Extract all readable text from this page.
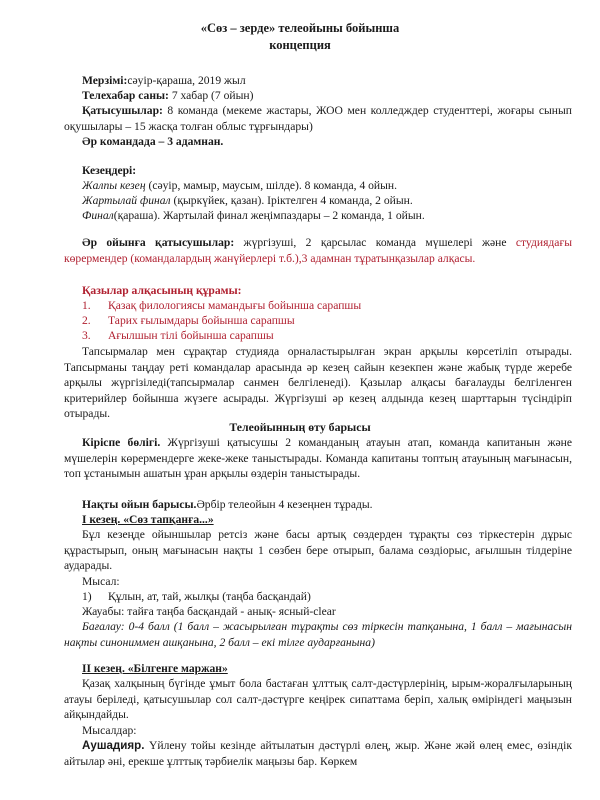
«Сөз – зерде» телеойыны бойынша
концепция
Мерзімі:сәуір-қараша, 2019 жыл
Телехабар саны: 7 хабар (7 ойын)
Қатысушылар: 8 команда (мекеме жастары, ЖОО мен колледждер студенттері, жоғары сынып оқушылары – 15 жасқа толған облыс тұрғындары)
Әр командада – 3 адамнан.
Кезеңдері:
Жалпы кезең (сәуір, мамыр, маусым, шілде). 8 команда, 4 ойын.
Жартылай финал (қыркүйек, қазан). Іріктелген 4 команда, 2 ойын.
Финал(қараша). Жартылай финал жеңімпаздары – 2 команда, 1 ойын.
Әр ойынға қатысушылар: жүргізуші, 2 қарсылас команда мүшелері және студиядағы көрермендер (командалардың жанүйерлері т.б.),3 адамнан тұратынқазылар алқасы.
Қазылар алқасының құрамы:
1. Қазақ филологиясы мамандығы бойынша сарапшы
2. Тарих ғылымдары бойынша сарапшы
3. Ағылшын тілі бойынша сарапшы
Тапсырмалар мен сұрақтар студияда орналастырылған экран арқылы көрсетіліп отырады. Тапсырманы таңдау реті командалар арасында әр кезең сайын кезекпен және жабық түрде жеребе арқылы жүргізіледі(тапсырмалар санмен белгіленеді). Қазылар алқасы бағалауды белгіленген критерийлер бойынша жүзеге асырады. Жүргізуші әр кезең алдында кезең шарттарын түсіндіріп отырады.
Телеойынның өту барысы
Кіріспе бөлігі. Жүргізуші қатысушы 2 команданың атауын атап, команда капитанын және мүшелерін көрермендерге жеке-жеке таныстырады. Команда капитаны топтың атауының мағынасын, топ ұстанымын ашатын ұран арқылы өздерін таныстырады.
Нақты ойын барысы.Әрбір телеойын 4 кезеңнен тұрады.
І кезең. «Сөз тапқанға...»
Бұл кезеңде ойыншылар ретсіз және басы артық сөздерден тұрақты сөз тіркестерін дұрыс құрастырып, оның мағынасын нақты 1 сөзбен бере отырып, балама сөздіорыс, ағылшын тілдеріне аударады.
Мысал:
1) Құлын, ат, тай, жылқы (таңба басқандай)
Жауабы: тайға таңба басқандай - анық- ясный-clear
Бағалау: 0-4 балл (1 балл – жасырылған тұрақты сөз тіркесін тапқанына, 1 балл – мағынасын нақты синониммен ашқанына, 2 балл – екі тілге аударғанына)
ІІ кезең. «Білгенге маржан»
Қазақ халқының бүгінде ұмыт бола бастаған ұлттық салт-дәстүрлерінің, ырым-жоралғыларының атауы беріледі, қатысушылар сол салт-дәстүрге кеңірек сипаттама беріп, халық өміріндегі маңызын айқындайды.
Мысалдар:
Аушадияр. Үйлену тойы кезінде айтылатын дәстүрлі өлең, жыр. Және жәй өлең емес, өзіндік айтылар әні, ерекше ұлттық тәрбиелік маңызы бар. Көркем
